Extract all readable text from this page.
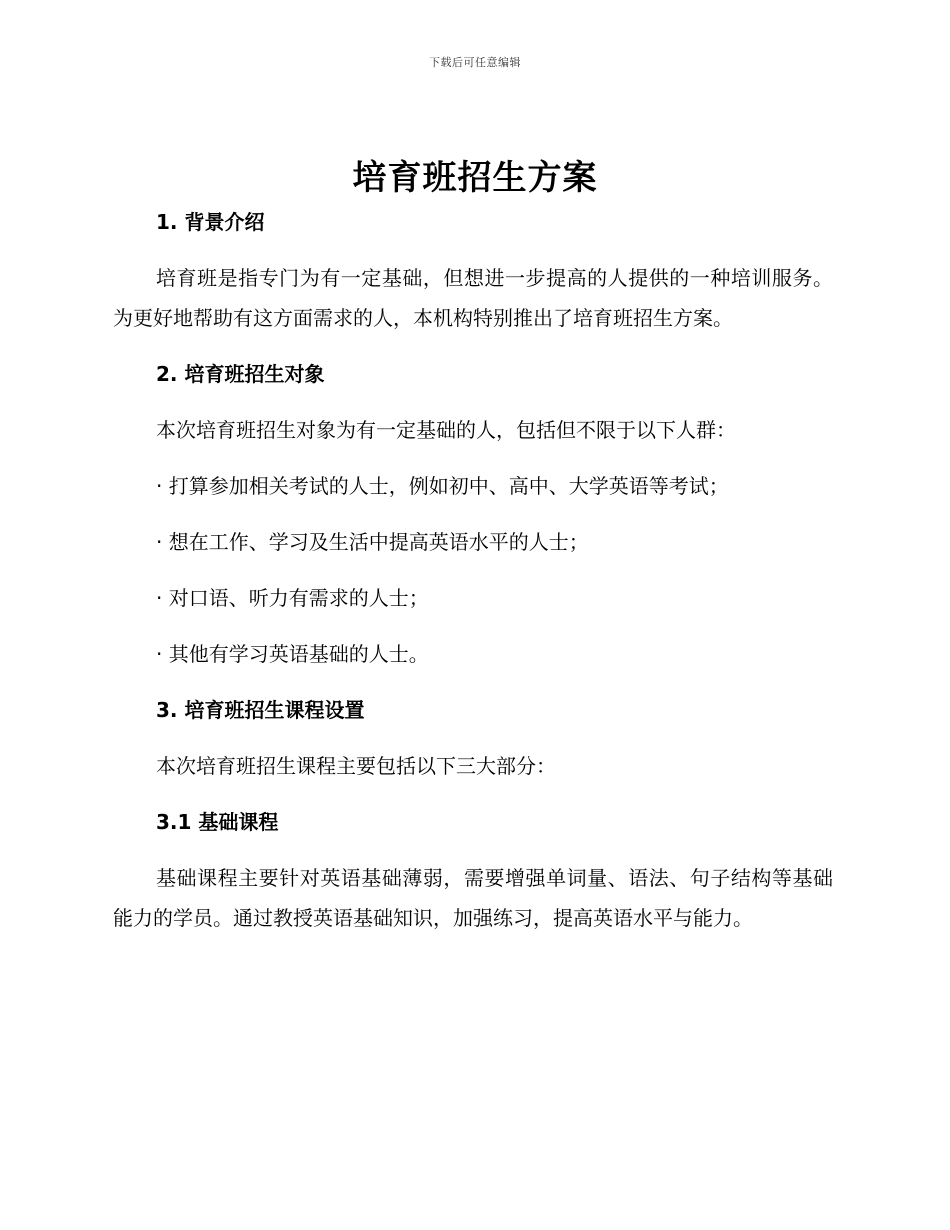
下载后可任意编辑
培育班招生方案
1. 背景介绍
培育班是指专门为有一定基础，但想进一步提高的人提供的一种培训服务。为更好地帮助有这方面需求的人，本机构特别推出了培育班招生方案。
2. 培育班招生对象
本次培育班招生对象为有一定基础的人，包括但不限于以下人群：
· 打算参加相关考试的人士，例如初中、高中、大学英语等考试；
· 想在工作、学习及生活中提高英语水平的人士；
· 对口语、听力有需求的人士；
· 其他有学习英语基础的人士。
3. 培育班招生课程设置
本次培育班招生课程主要包括以下三大部分：
3.1 基础课程
基础课程主要针对英语基础薄弱，需要增强单词量、语法、句子结构等基础能力的学员。通过教授英语基础知识，加强练习，提高英语水平与能力。
